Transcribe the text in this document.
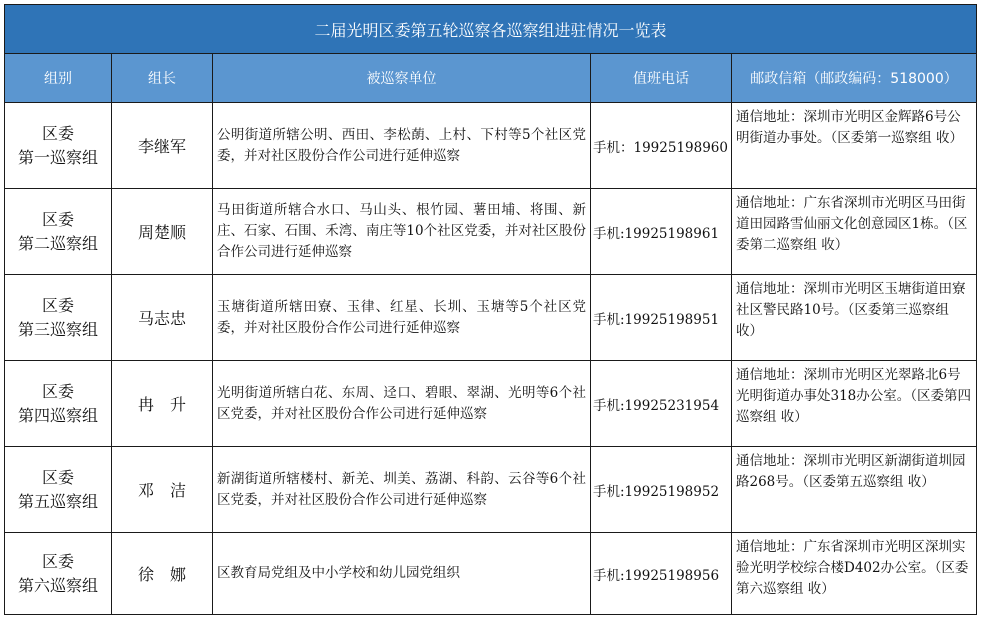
二届光明区委第五轮巡察各巡察组进驻情况一览表				
组别	组长	被巡察单位	值班电话	邮政信箱（邮政编码：518000）

区委
第一巡察组	李继军	公明街道所辖公明、西田、李松蓢、上村、下村等5个社区党委，并对社区股份合作公司进行延伸巡察	手机：19925198960	通信地址：深圳市光明区金辉路6号公明街道办事处。（区委第一巡察组 收）

区委
第二巡察组	周楚顺	马田街道所辖合水口、马山头、根竹园、薯田埔、将围、新庄、石家、石围、禾湾、南庄等10个社区党委，并对社区股份合作公司进行延伸巡察	手机:19925198961	通信地址：广东省深圳市光明区马田街道田园路雪仙丽文化创意园区1栋。（区委第二巡察组 收）

区委
第三巡察组	马志忠	玉塘街道所辖田寮、玉律、红星、长圳、玉塘等5个社区党委，并对社区股份合作公司进行延伸巡察	手机:19925198951	通信地址：深圳市光明区玉塘街道田寮社区警民路10号。（区委第三巡察组 收）

区委
第四巡察组	冉　升	光明街道所辖白花、东周、迳口、碧眼、翠湖、光明等6个社区党委，并对社区股份合作公司进行延伸巡察	手机:19925231954	通信地址：深圳市光明区光翠路北6号光明街道办事处318办公室。（区委第四巡察组 收）

区委
第五巡察组	邓　洁	新湖街道所辖楼村、新羌、圳美、荔湖、科韵、云谷等6个社区党委，并对社区股份合作公司进行延伸巡察	手机:19925198952	通信地址：深圳市光明区新湖街道圳园路268号。（区委第五巡察组 收）

区委
第六巡察组	徐　娜	区教育局党组及中小学校和幼儿园党组织	手机:19925198956	通信地址：广东省深圳市光明区深圳实验光明学校综合楼D402办公室。（区委第六巡察组 收）
